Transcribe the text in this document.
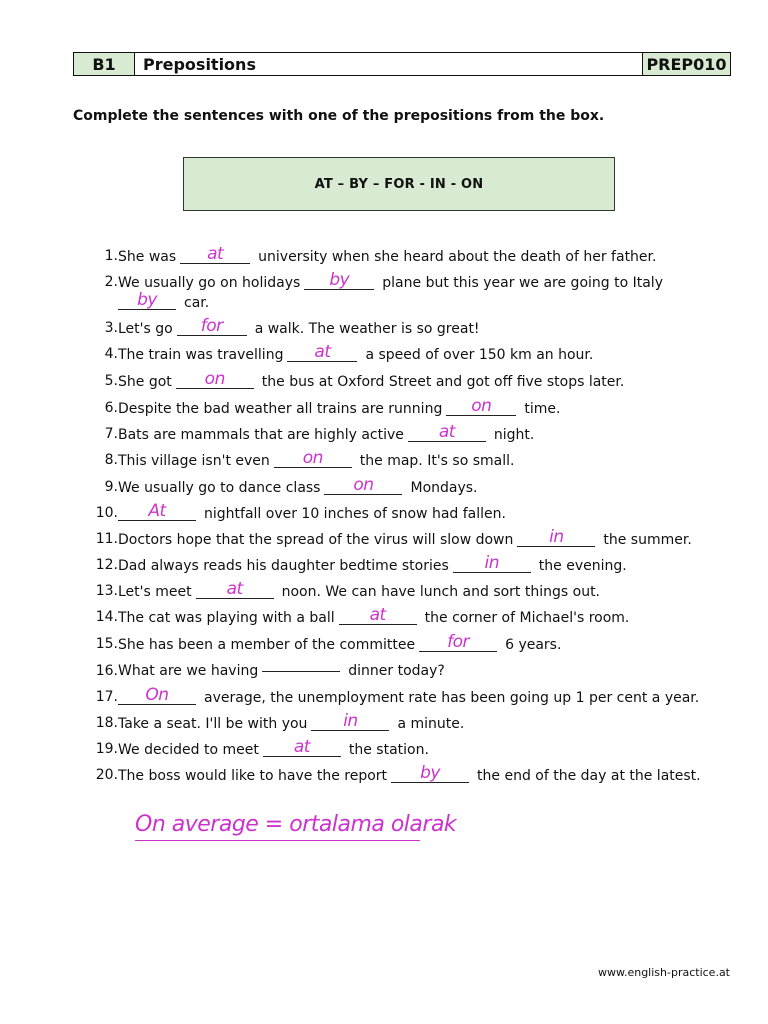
B1	Prepositions	PREP010
Complete the sentences with one of the prepositions from the box.
AT – BY – FOR - IN - ON
1. She was at university when she heard about the death of her father.
2. We usually go on holidays by plane but this year we are going to Italy
by car.
3. Let's go for a walk. The weather is so great!
4. The train was travelling at a speed of over 150 km an hour.
5. She got on	the bus at Oxford Street and got off five stops later.
6. Despite the bad weather all trains are running on time.
7. Bats are mammals that are highly active at	night.
8. This village isn't even on	the map. It's so small.
9. We usually go to dance class on	Mondays.
10.	At	nightfall over 10 inches of snow had fallen.
11. Doctors hope that the spread of the virus will slow down in	the summer.
12. Dad always reads his daughter bedtime stories in	the evening.
13. Let's meet at	noon. We can have lunch and sort things out.
14. The cat was playing with a ball at	the corner of Michael's room.
15. She has been a member of the committee for	6 years.
16. What are we having	dinner today?
17.	On	average, the unemployment rate has been going up 1 per cent a year.
18. Take a seat. I'll be with you in	a minute.
19. We decided to meet at	the station.
20. The boss would like to have the report by	the end of the day at the latest.
On average = ortalama olarak
www.english-practice.at
